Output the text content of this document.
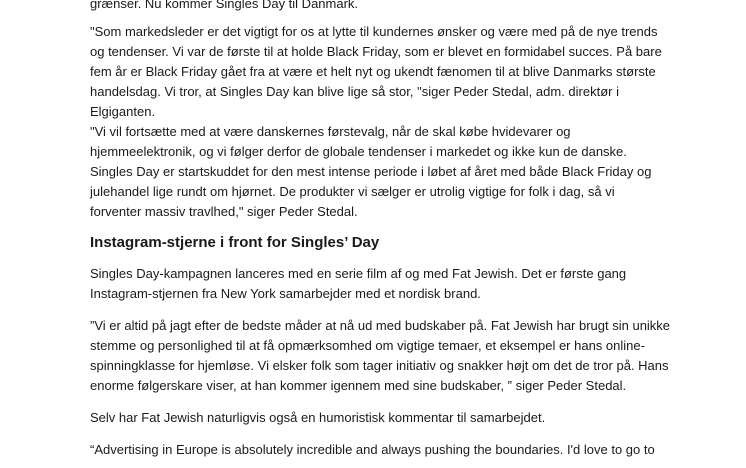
grænser. Nu kommer Singles Day til Danmark.

"Som markedsleder er det vigtigt for os at lytte til kundernes ønsker og være med på de nye trends
og tendenser. Vi var de første til at holde Black Friday, som er blevet en formidabel succes. På bare
fem år er Black Friday gået fra at være et helt nyt og ukendt fænomen til at blive Danmarks største
handelsdag. Vi tror, at Singles Day kan blive lige så stor, "siger Peder Stedal, adm. direktør i
Elgiganten.

"Vi vil fortsætte med at være danskernes førstevalg, når de skal købe hvidevarer og
hjemmeelektronik, og vi følger derfor de globale tendenser i markedet og ikke kun de danske.
Singles Day er startskuddet for den mest intense periode i løbet af året med både Black Friday og
julehandel lige rundt om hjørnet. De produkter vi sælger er utrolig vigtige for folk i dag, så vi
forventer massiv travlhed," siger Peder Stedal.

Instagram-stjerne i front for Singles’ Day

Singles Day-kampagnen lanceres med en serie film af og med Fat Jewish. Det er første gang
Instagram-stjernen fra New York samarbejder med et nordisk brand.

”Vi er altid på jagt efter de bedste måder at nå ud med budskaber på. Fat Jewish har brugt sin unikke
stemme og personlighed til at få opmærksomhed om vigtige temaer, et eksempel er hans online-
spinningklasse for hjemløse. Vi elsker folk som tager initiativ og snakker højt om det de tror på. Hans
enorme følgerskare viser, at han kommer igennem med sine budskaber, ” siger Peder Stedal.

Selv har Fat Jewish naturligvis også en humoristisk kommentar til samarbejdet.

“Advertising in Europe is absolutely incredible and always pushing the boundaries. I'd love to go to
